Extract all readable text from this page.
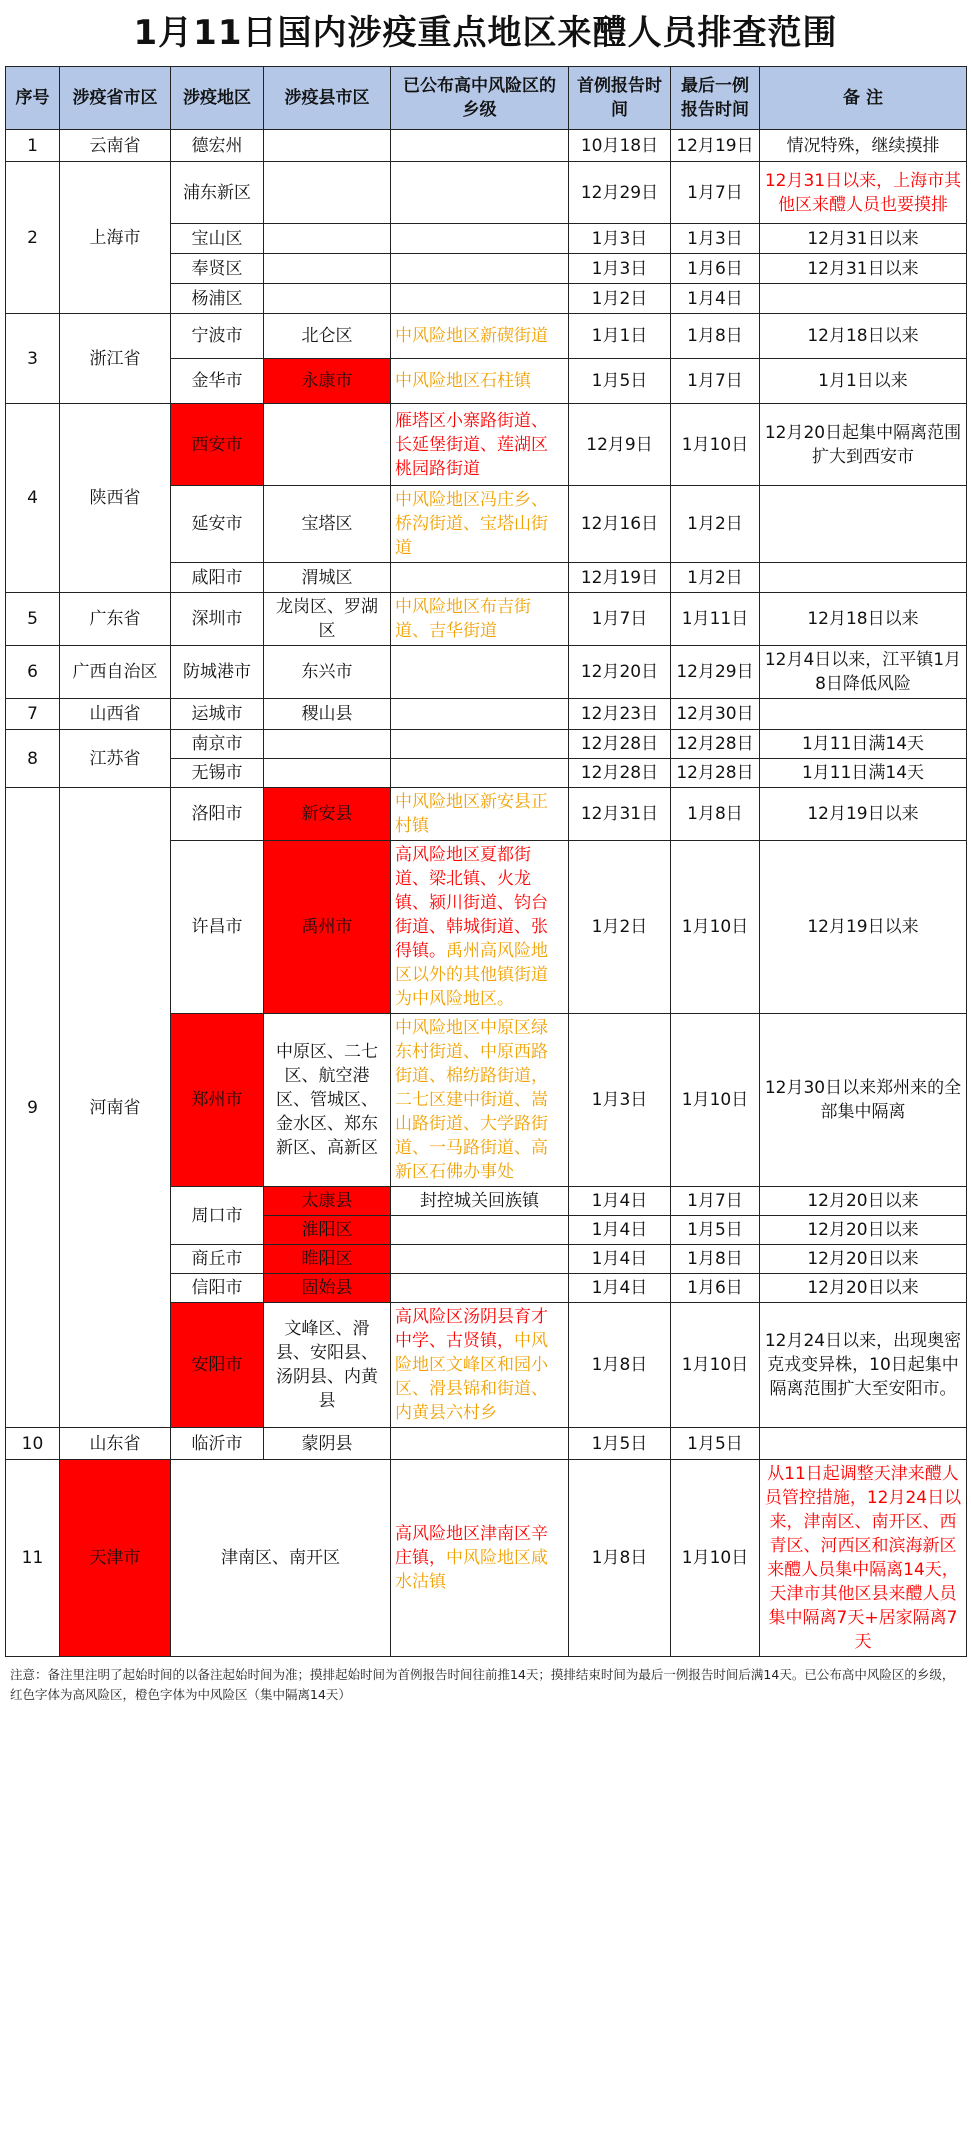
1月11日国内涉疫重点地区来醴人员排查范围
序号	涉疫省市区	涉疫地区	涉疫县市区	已公布高中风险区的乡级	首例报告时间	最后一例报告时间	备 注
1	云南省	德宏州			10月18日	12月19日	情况特殊，继续摸排
2	上海市	浦东新区			12月29日	1月7日	12月31日以来，上海市其他区来醴人员也要摸排
		宝山区			1月3日	1月3日	12月31日以来
		奉贤区			1月3日	1月6日	12月31日以来
		杨浦区			1月2日	1月4日	
3	浙江省	宁波市	北仑区	中风险地区新碶街道	1月1日	1月8日	12月18日以来
		金华市	永康市	中风险地区石柱镇	1月5日	1月7日	1月1日以来
4	陕西省	西安市		雁塔区小寨路街道、长延堡街道、莲湖区桃园路街道	12月9日	1月10日	12月20日起集中隔离范围扩大到西安市
		延安市	宝塔区	中风险地区冯庄乡、桥沟街道、宝塔山街道	12月16日	1月2日	
		咸阳市	渭城区		12月19日	1月2日	
5	广东省	深圳市	龙岗区、罗湖区	中风险地区布吉街道、吉华街道	1月7日	1月11日	12月18日以来
6	广西自治区	防城港市	东兴市		12月20日	12月29日	12月4日以来，江平镇1月8日降低风险
7	山西省	运城市	稷山县		12月23日	12月30日	
8	江苏省	南京市			12月28日	12月28日	1月11日满14天
		无锡市			12月28日	12月28日	1月11日满14天
9	河南省	洛阳市	新安县	中风险地区新安县正村镇	12月31日	1月8日	12月19日以来
		许昌市	禹州市	高风险地区夏都街道、梁北镇、火龙镇、颍川街道、钧台街道、韩城街道、张得镇。禹州高风险地区以外的其他镇街道为中风险地区。	1月2日	1月10日	12月19日以来
		郑州市	中原区、二七区、航空港区、管城区、金水区、郑东新区、高新区	中风险地区中原区绿东村街道、中原西路街道、棉纺路街道，二七区建中街道、嵩山路街道、大学路街道、一马路街道、高新区石佛办事处	1月3日	1月10日	12月30日以来郑州来的全部集中隔离
		周口市	太康县	封控城关回族镇	1月4日	1月7日	12月20日以来
			淮阳区		1月4日	1月5日	12月20日以来
		商丘市	睢阳区		1月4日	1月8日	12月20日以来
		信阳市	固始县		1月4日	1月6日	12月20日以来
		安阳市	文峰区、滑县、安阳县、汤阴县、内黄县	高风险区汤阴县育才中学、古贤镇，中风险地区文峰区和园小区、滑县锦和街道、内黄县六村乡	1月8日	1月10日	12月24日以来，出现奥密克戎变异株，10日起集中隔离范围扩大至安阳市。
10	山东省	临沂市	蒙阴县		1月5日	1月5日	
11	天津市	津南区、南开区		高风险地区津南区辛庄镇，中风险地区咸水沽镇	1月8日	1月10日	从11日起调整天津来醴人员管控措施，12月24日以来，津南区、南开区、西青区、河西区和滨海新区来醴人员集中隔离14天，天津市其他区县来醴人员集中隔离7天+居家隔离7天
注意：备注里注明了起始时间的以备注起始时间为准；摸排起始时间为首例报告时间往前推14天；摸排结束时间为最后一例报告时间后满14天。已公布高中风险区的乡级，红色字体为高风险区，橙色字体为中风险区（集中隔离14天）
